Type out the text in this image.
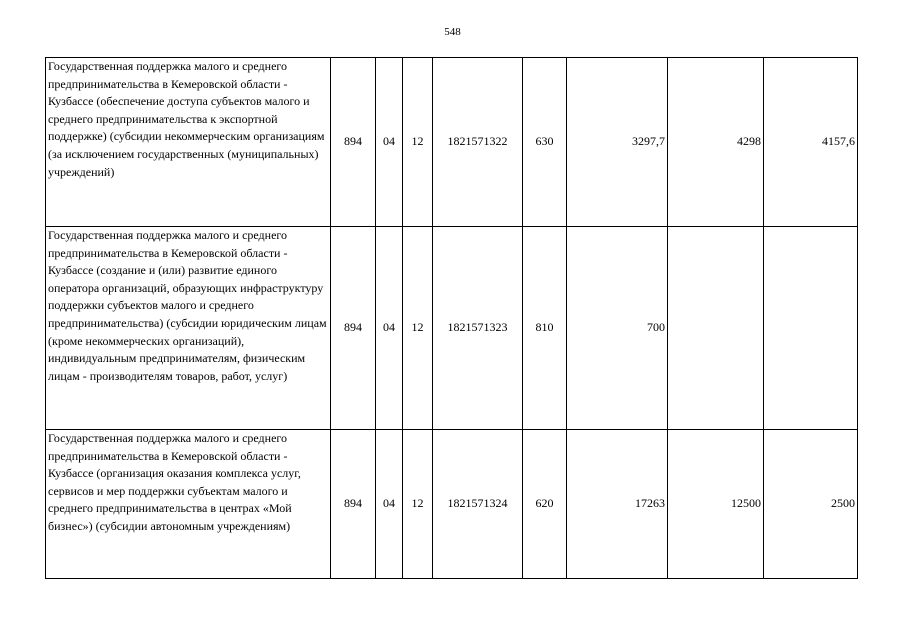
548
Государственная поддержка малого и среднего предпринимательства в Кемеровской области - Кузбассе (обеспечение доступа субъектов малого и среднего предпринимательства к экспортной поддержке) (субсидии некоммерческим организациям (за исключением государственных (муниципальных) учреждений)	894	04	12	1821571322	630	3297,7	4298	4157,6
Государственная поддержка малого и среднего предпринимательства в Кемеровской области - Кузбассе (создание и (или) развитие единого оператора организаций, образующих инфраструктуру поддержки субъектов малого и среднего предпринимательства) (субсидии юридическим лицам (кроме некоммерческих организаций), индивидуальным предпринимателям, физическим лицам - производителям товаров, работ, услуг)	894	04	12	1821571323	810	700		
Государственная поддержка малого и среднего предпринимательства в Кемеровской области - Кузбассе (организация оказания комплекса услуг, сервисов и мер поддержки субъектам малого и среднего предпринимательства в центрах «Мой бизнес») (субсидии автономным учреждениям)	894	04	12	1821571324	620	17263	12500	2500
